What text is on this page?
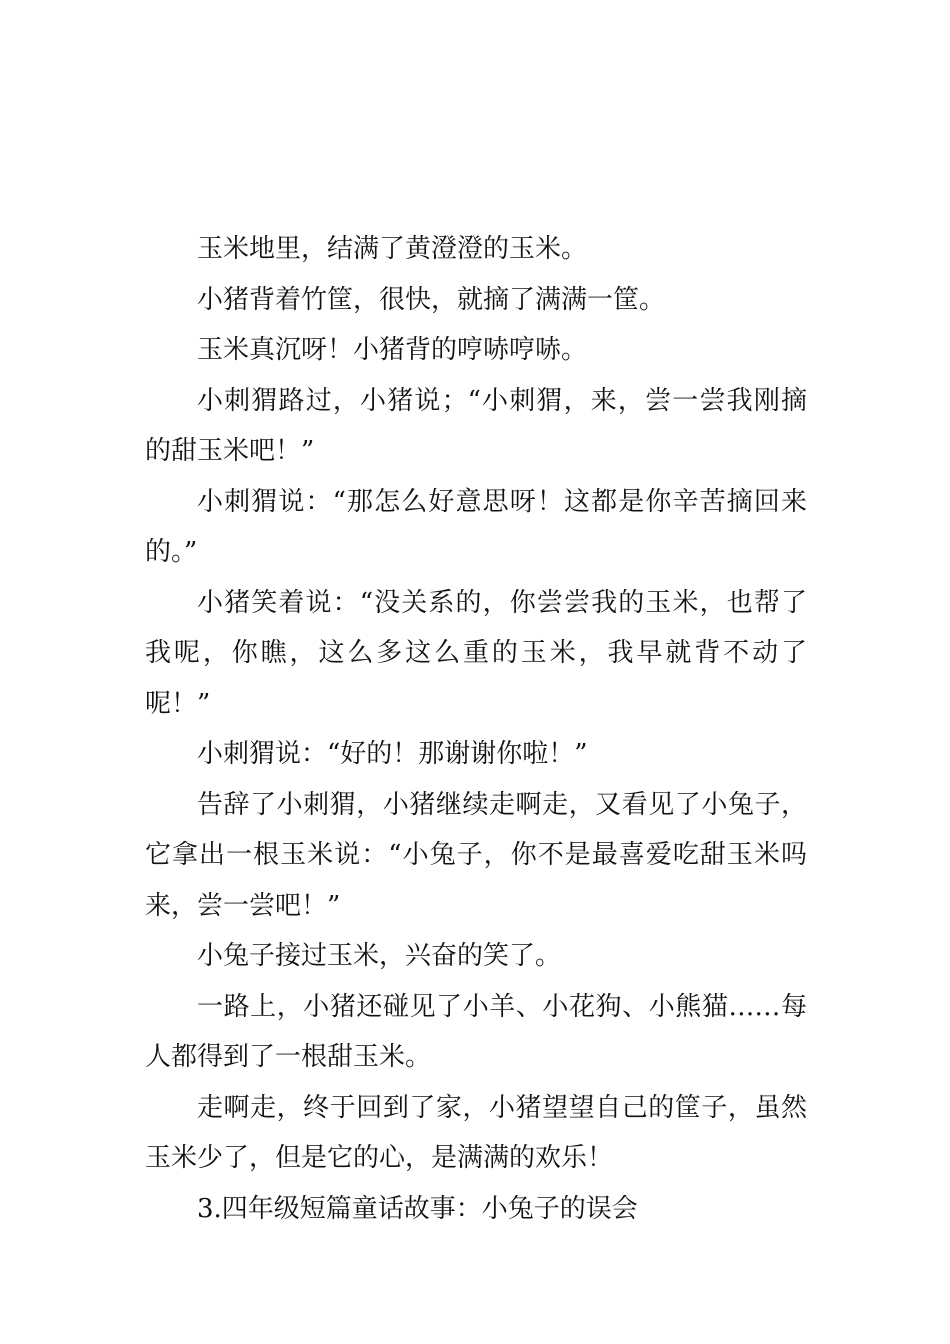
玉米地里，结满了黄澄澄的玉米。

小猪背着竹筐，很快，就摘了满满一筐。

玉米真沉呀！小猪背的哼哧哼哧。

小刺猬路过，小猪说；“小刺猬，来，尝一尝我刚摘的甜玉米吧！”

小刺猬说：“那怎么好意思呀！这都是你辛苦摘回来的。”

小猪笑着说：“没关系的，你尝尝我的玉米，也帮了我呢，你瞧，这么多这么重的玉米，我早就背不动了呢！”

小刺猬说：“好的！那谢谢你啦！”

告辞了小刺猬，小猪继续走啊走，又看见了小兔子，它拿出一根玉米说：“小兔子，你不是最喜爱吃甜玉米吗来，尝一尝吧！”

小兔子接过玉米，兴奋的笑了。

一路上，小猪还碰见了小羊、小花狗、小熊猫……每人都得到了一根甜玉米。

走啊走，终于回到了家，小猪望望自己的筐子，虽然玉米少了，但是它的心，是满满的欢乐！

3.四年级短篇童话故事：小兔子的误会
